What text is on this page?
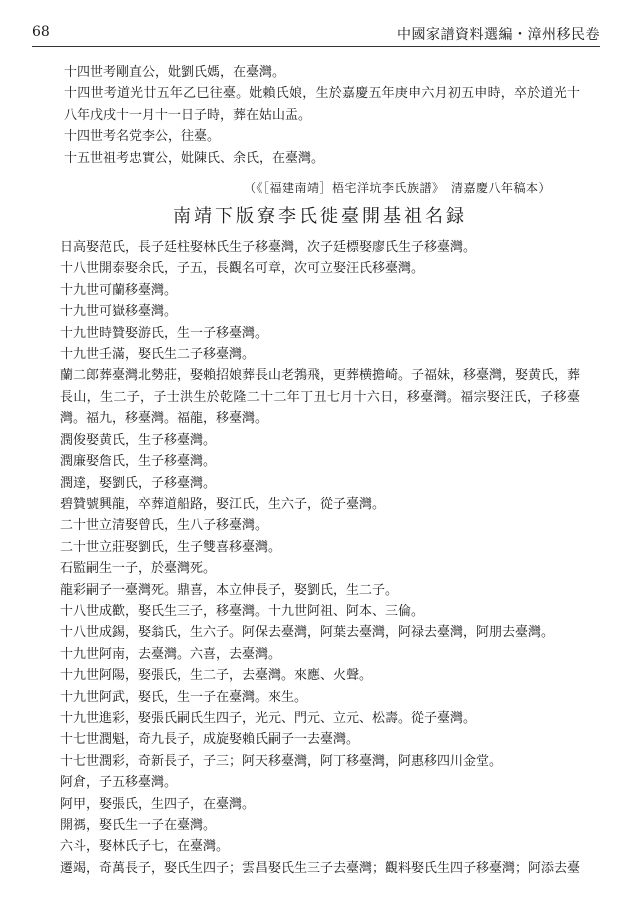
68	中國家譜資料選編・漳州移民卷
十四世考剛直公，妣劉氏媽，在臺灣。
十四世考道光廿五年乙巳往臺。妣賴氏娘，生於嘉慶五年庚申六月初五申時，卒於道光十八年戊戌十一月十一日子時，葬在姑山盂。
十四世考名党李公，往臺。
十五世祖考忠實公，妣陳氏、余氏，在臺灣。
（《［福建南靖］梧宅洋坑李氏族譜》　清嘉慶八年稿本）
南靖下版寮李氏徙臺開基祖名録
日高娶范氏，長子廷柱娶林氏生子移臺灣，次子廷標娶廖氏生子移臺灣。
十八世開泰娶余氏，子五，長觀名可章，次可立娶汪氏移臺灣。
十九世可蘭移臺灣。
十九世可嶽移臺灣。
十九世時贊娶游氏，生一子移臺灣。
十九世壬滿，娶氏生二子移臺灣。
蘭二郎葬臺灣北勢莊，娶賴招娘葬長山老鵓飛，更葬横擔崎。子福妹，移臺灣，娶黄氏，葬長山，生二子，子士洪生於乾隆二十二年丁丑七月十六日，移臺灣。福宗娶汪氏，子移臺灣。福九，移臺灣。福龍，移臺灣。
潤俊娶黄氏，生子移臺灣。
潤廉娶詹氏，生子移臺灣。
潤達，娶劉氏，子移臺灣。
碧贊號興龍，卒葬道船路，娶江氏，生六子，從子臺灣。
二十世立清娶曾氏，生八子移臺灣。
二十世立莊娶劉氏，生子雙喜移臺灣。
石監嗣生一子，於臺灣死。
龍彩嗣子一臺灣死。鼎喜，本立伸長子，娶劉氏，生二子。
十八世成歡，娶氏生三子，移臺灣。十九世阿祖、阿本、三倫。
十八世成錫，娶翁氏，生六子。阿保去臺灣，阿葉去臺灣，阿禄去臺灣，阿朋去臺灣。
十九世阿南，去臺灣。六喜，去臺灣。
十九世阿陽，娶張氏，生二子，去臺灣。來應、火聲。
十九世阿武，娶氏，生一子在臺灣。來生。
十九世進彩，娶張氏嗣氏生四子，光元、門元、立元、松壽。從子臺灣。
十七世潤魁，奇九長子，成旋娶賴氏嗣子一去臺灣。
十七世潤彩，奇新長子，子三；阿天移臺灣，阿丁移臺灣，阿惠移四川金堂。
阿倉，子五移臺灣。
阿甲，娶張氏，生四子，在臺灣。
開禡，娶氏生一子在臺灣。
六斗，娶林氏子七，在臺灣。
遷竭，奇萬長子，娶氏生四子；雲昌娶氏生三子去臺灣；觀料娶氏生四子移臺灣；阿添去臺
